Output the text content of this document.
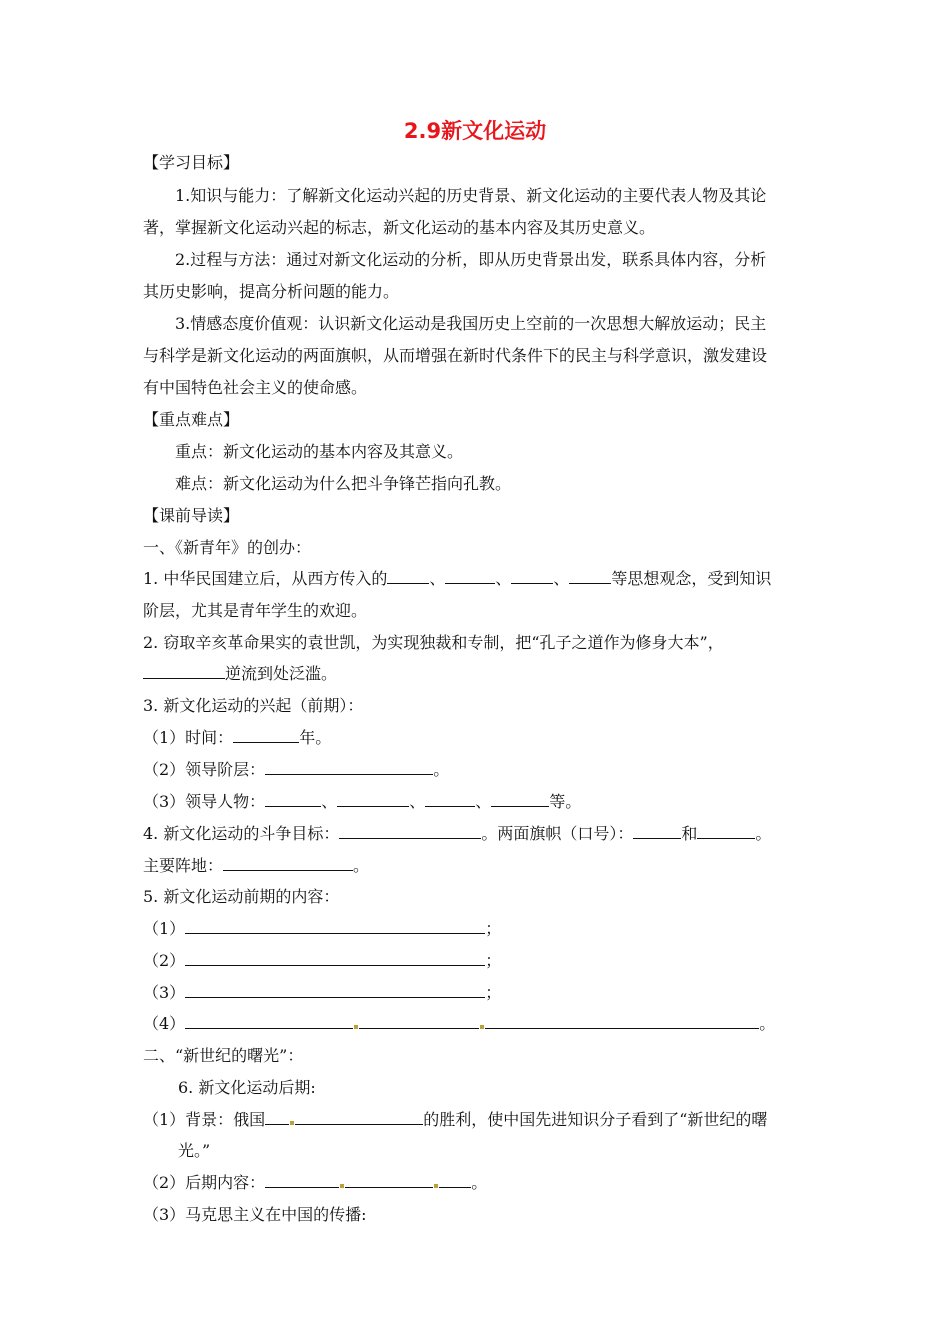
2.9新文化运动
【学习目标】
1.知识与能力：了解新文化运动兴起的历史背景、新文化运动的主要代表人物及其论
著，掌握新文化运动兴起的标志，新文化运动的基本内容及其历史意义。
2.过程与方法：通过对新文化运动的分析，即从历史背景出发，联系具体内容，分析
其历史影响，提高分析问题的能力。
3.情感态度价值观：认识新文化运动是我国历史上空前的一次思想大解放运动；民主
与科学是新文化运动的两面旗帜，从而增强在新时代条件下的民主与科学意识，激发建设
有中国特色社会主义的使命感。
【重点难点】
重点：新文化运动的基本内容及其意义。
难点：新文化运动为什么把斗争锋芒指向孔教。
【课前导读】
一、《新青年》的创办：
1. 中华民国建立后，从西方传入的	、	、	、	等思想观念，受到知识
阶层，尤其是青年学生的欢迎。
2. 窃取辛亥革命果实的袁世凯，为实现独裁和专制，把“孔子之道作为修身大本”，
逆流到处泛滥。
3. 新文化运动的兴起（前期）：
（1）时间：	年。
（2）领导阶层：	。
（3）领导人物：	、	、	、	等。
4. 新文化运动的斗争目标：	。两面旗帜（口号）：	和	。
主要阵地：	。
5. 新文化运动前期的内容：
（1）	；
（2）	；
（3）	；
（4）	。
二、“新世纪的曙光”：
6. 新文化运动后期:
（1）背景：俄国	的胜利，使中国先进知识分子看到了“新世纪的曙
光。”
（2）后期内容：	。
（3）马克思主义在中国的传播:
